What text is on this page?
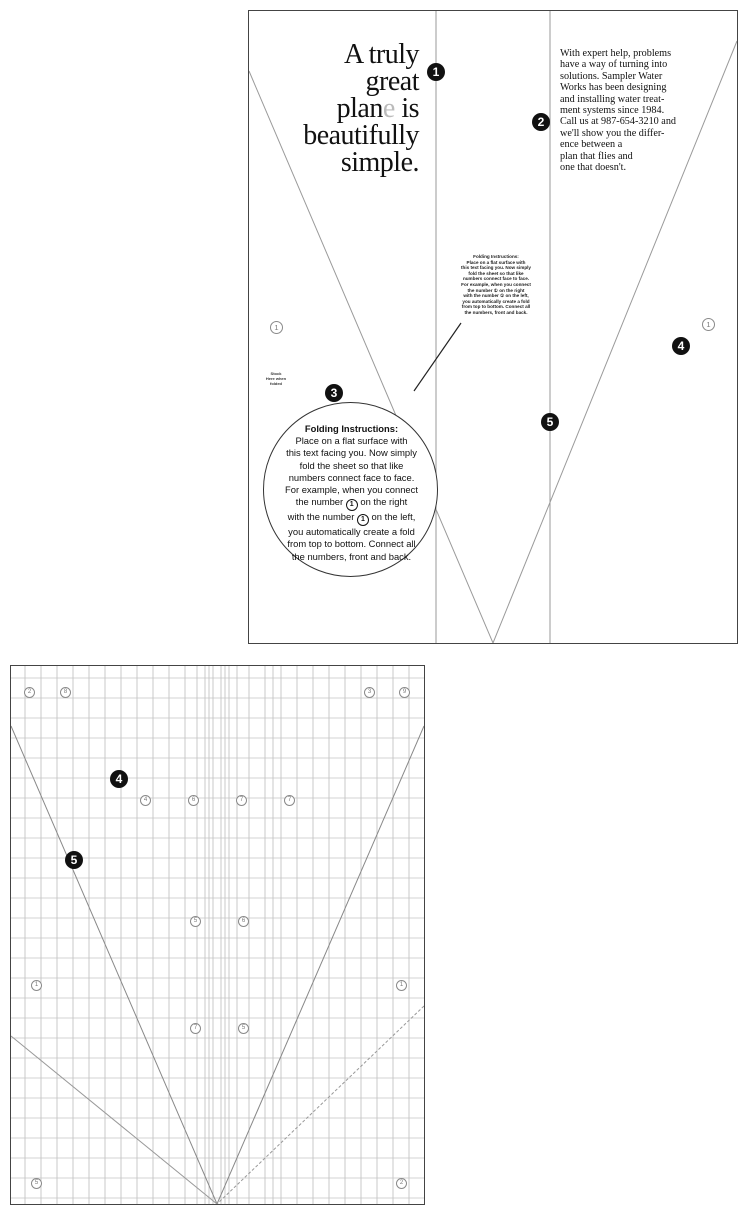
A truly
great
plane is
beautifully
simple.
With expert help, problems
have a way of turning into
solutions. Sampler Water
Works has been designing
and installing water treat-
ment systems since 1984.
Call us at 987-654-3210 and
we'll show you the differ-
ence between a
plan that flies and
one that doesn't.
Folding Instructions:
Place on a flat surface with
this text facing you. Now simply
fold the sheet so that like
numbers connect face to face.
For example, when you connect
the number ① on the right
with the number ① on the left,
you automatically create a fold
from top to bottom. Connect all
the numbers, front and back.
Stock
Here when
folded
Folding Instructions:
Place on a flat surface with
this text facing you. Now simply
fold the sheet so that like
numbers connect face to face.
For example, when you connect
the number 1 on the right
with the number 1 on the left,
you automatically create a fold
from top to bottom. Connect all
the numbers, front and back.
1
2
3
4
5
1	1
4
5
2	8	3	9
4	6	7	7
5	6
1	1
7	5
5	2
